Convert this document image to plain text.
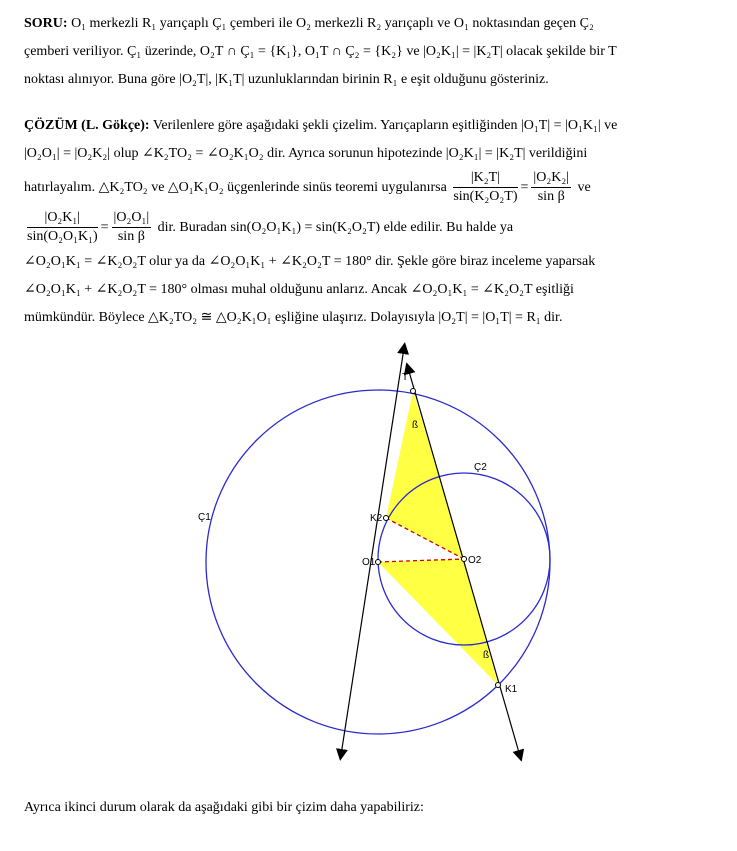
SORU: O₁ merkezli R₁ yarıçaplı Ç₁ çemberi ile O₂ merkezli R₂ yarıçaplı ve O₁ noktasından geçen Ç₂
çemberi veriliyor. Ç₁ üzerinde, O₂T ∩ Ç₁ = {K₁}, O₁T ∩ Ç₂ = {K₂} ve |O₂K₁| = |K₂T| olacak şekilde bir T
noktası alınıyor. Buna göre |O₂T|, |K₁T| uzunluklarından birinin R₁ e eşit olduğunu gösteriniz.
ÇÖZÜM (L. Gökçe): Verilenlere göre aşağıdaki şekli çizelim. Yarıçapların eşitliğinden |O₁T| = |O₁K₁| ve
|O₂O₁| = |O₂K₂| olup ∠K₂TO₂ = ∠O₂K₁O₂ dir. Ayrıca sorunun hipotezinde |O₂K₁| = |K₂T| verildiğini
hatırlayalım. △K₂TO₂ ve △O₁K₁O₂ üçgenlerinde sinüs teoremi uygulanırsa $\frac{\text{|K₂T|}}{\text{sin(K₂O₂T)}} = \frac{\text{|O₂K₂|}}{\text{sin β}}$ ve
$\frac{\text{|O₂K₁|}}{\text{sin(O₂O₁K₁)}} = \frac{\text{|O₂O₁|}}{\text{sin β}}$ dir. Buradan sin(O₂O₁K₁) = sin(K₂O₂T) elde edilir. Bu halde ya
∠O₂O₁K₁ = ∠K₂O₂T olur ya da ∠O₂O₁K₁ + ∠K₂O₂T = 180° dir. Şekle göre biraz inceleme yaparsak
∠O₂O₁K₁ + ∠K₂O₂T = 180° olması muhal olduğunu anlarız. Ancak ∠O₂O₁K₁ = ∠K₂O₂T eşitliği
mümkündür. Böylece △K₂TO₂ ≅ △O₂K₁O₁ eşliğine ulaşırız. Dolayısıyla |O₂T| = |O₁T| = R₁ dir.
T
K2
O1	O2
K1
Ç1
Ç2
ß
ß
Ayrıca ikinci durum olarak da aşağıdaki gibi bir çizim daha yapabiliriz:
